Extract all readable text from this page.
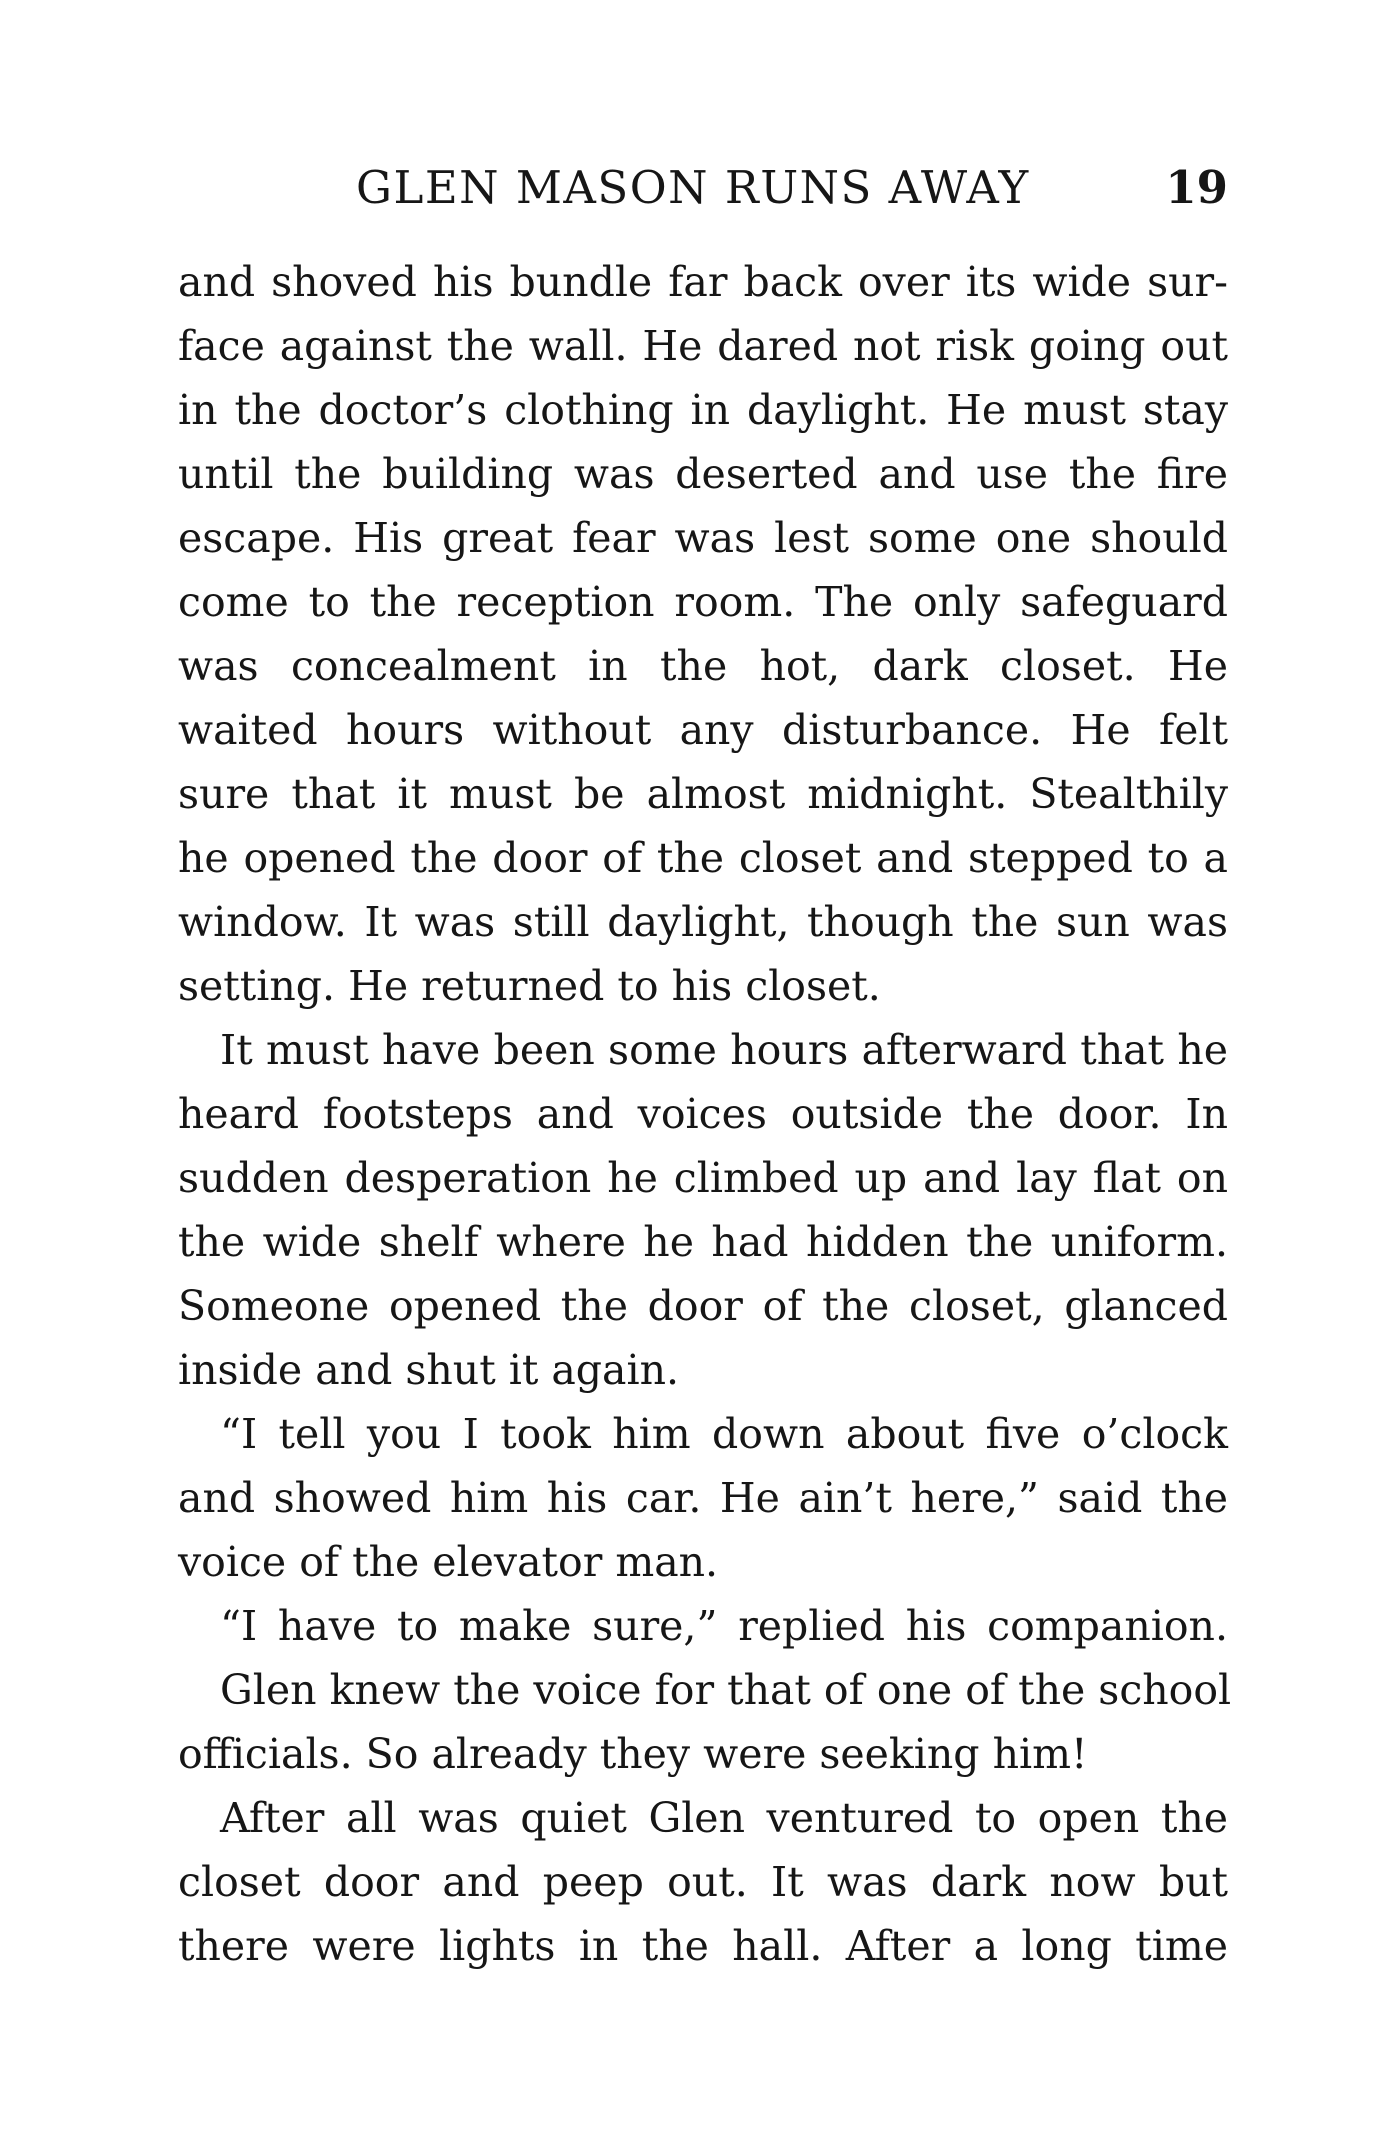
GLEN MASON RUNS AWAY	19
and shoved his bundle far back over its wide sur-
face against the wall. He dared not risk going out
in the doctor’s clothing in daylight. He must stay
until the building was deserted and use the fire
escape. His great fear was lest some one should
come to the reception room. The only safeguard
was concealment in the hot, dark closet. He
waited hours without any disturbance. He felt
sure that it must be almost midnight. Stealthily
he opened the door of the closet and stepped to a
window. It was still daylight, though the sun was
setting. He returned to his closet.
It must have been some hours afterward that he
heard footsteps and voices outside the door. In
sudden desperation he climbed up and lay flat on
the wide shelf where he had hidden the uniform.
Someone opened the door of the closet, glanced
inside and shut it again.
“I tell you I took him down about five o’clock
and showed him his car. He ain’t here,” said the
voice of the elevator man.
“I have to make sure,” replied his companion.
Glen knew the voice for that of one of the school
officials. So already they were seeking him!
After all was quiet Glen ventured to open the
closet door and peep out. It was dark now but
there were lights in the hall. After a long time
